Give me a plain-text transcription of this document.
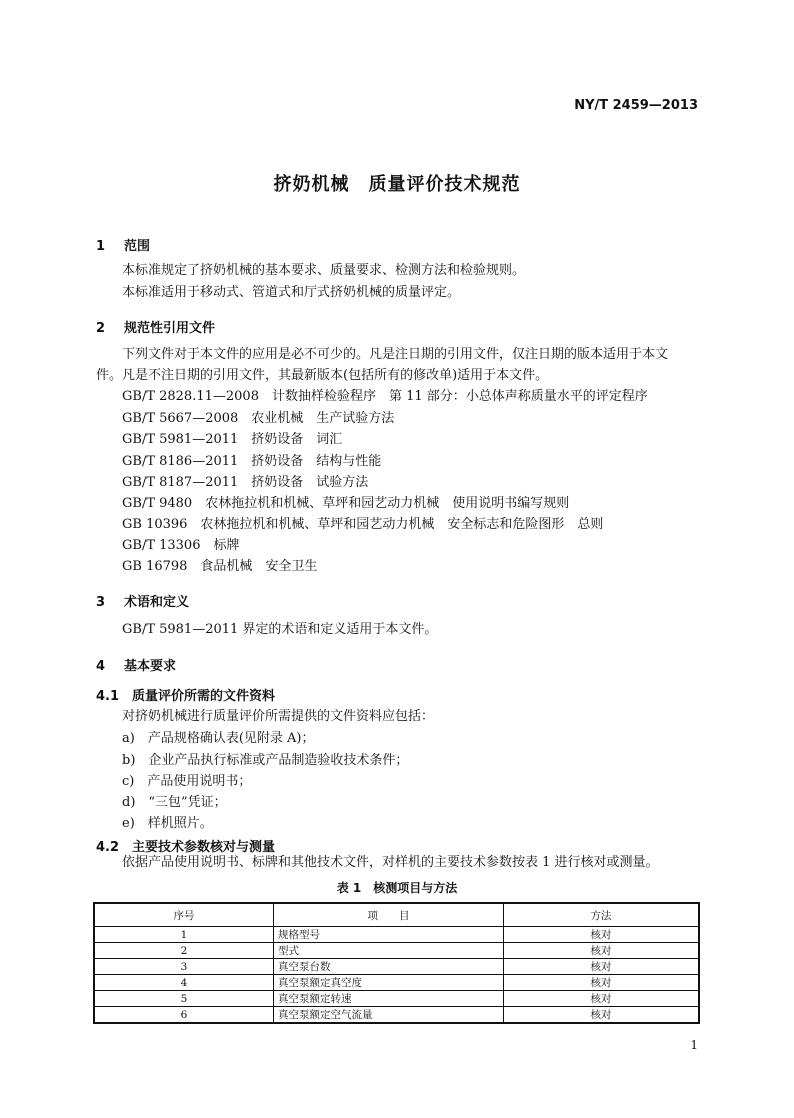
NY/T 2459—2013
挤奶机械　质量评价技术规范
1 范围
本标准规定了挤奶机械的基本要求、质量要求、检测方法和检验规则。
本标准适用于移动式、管道式和厅式挤奶机械的质量评定。
2 规范性引用文件
下列文件对于本文件的应用是必不可少的。凡是注日期的引用文件，仅注日期的版本适用于本文
件。凡是不注日期的引用文件，其最新版本(包括所有的修改单)适用于本文件。
GB/T 2828.11—2008　计数抽样检验程序　第 11 部分：小总体声称质量水平的评定程序
GB/T 5667—2008　农业机械　生产试验方法
GB/T 5981—2011　挤奶设备　词汇
GB/T 8186—2011　挤奶设备　结构与性能
GB/T 8187—2011　挤奶设备　试验方法
GB/T 9480　农林拖拉机和机械、草坪和园艺动力机械　使用说明书编写规则
GB 10396　农林拖拉机和机械、草坪和园艺动力机械　安全标志和危险图形　总则
GB/T 13306　标牌
GB 16798　食品机械　安全卫生
3 术语和定义
GB/T 5981—2011 界定的术语和定义适用于本文件。
4 基本要求
4.1 质量评价所需的文件资料
对挤奶机械进行质量评价所需提供的文件资料应包括：
a)　产品规格确认表(见附录 A)；
b)　企业产品执行标准或产品制造验收技术条件；
c)　产品使用说明书；
d)　“三包”凭证；
e)　样机照片。
4.2 主要技术参数核对与测量
依据产品使用说明书、标牌和其他技术文件，对样机的主要技术参数按表 1 进行核对或测量。
表 1　核测项目与方法
序号	项　　目	方法
1	规格型号	核对
2	型式	核对
3	真空泵台数	核对
4	真空泵额定真空度	核对
5	真空泵额定转速	核对
6	真空泵额定空气流量	核对
1
